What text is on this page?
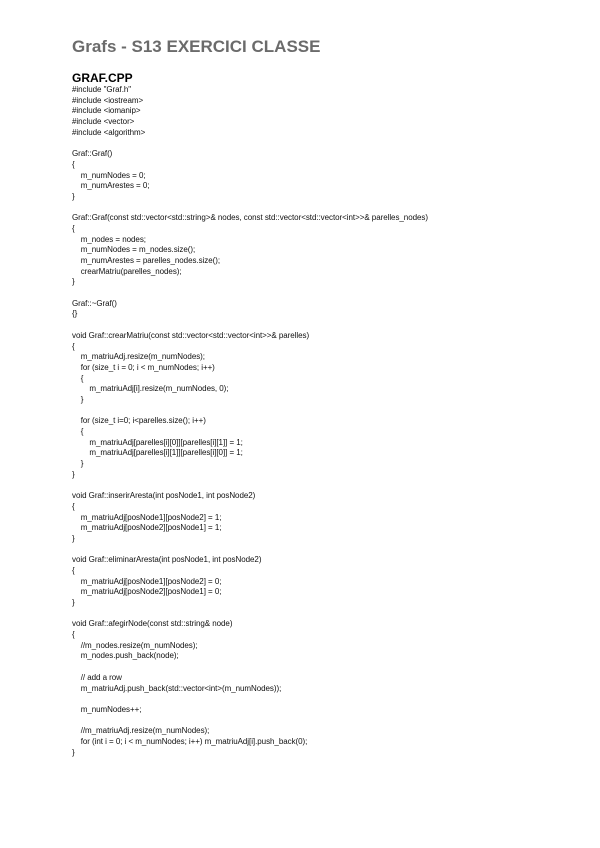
Grafs - S13 EXERCICI CLASSE
GRAF.CPP
#include "Graf.h"
#include <iostream>
#include <iomanip>
#include <vector>
#include <algorithm>
Graf::Graf()
{
m_numNodes = 0;
m_numArestes = 0;
}
Graf::Graf(const std::vector<std::string>& nodes, const std::vector<std::vector<int>>& parelles_nodes)
{
m_nodes = nodes;
m_numNodes = m_nodes.size();
m_numArestes = parelles_nodes.size();
crearMatriu(parelles_nodes);
}
Graf::~Graf()
{}
void Graf::crearMatriu(const std::vector<std::vector<int>>& parelles)
{
m_matriuAdj.resize(m_numNodes);
for (size_t i = 0; i < m_numNodes; i++)
{
m_matriuAdj[i].resize(m_numNodes, 0);
}
for (size_t i=0; i<parelles.size(); i++)
{
m_matriuAdj[parelles[i][0]][parelles[i][1]] = 1;
m_matriuAdj[parelles[i][1]][parelles[i][0]] = 1;
}
}
void Graf::inserirAresta(int posNode1, int posNode2)
{
m_matriuAdj[posNode1][posNode2] = 1;
m_matriuAdj[posNode2][posNode1] = 1;
}
void Graf::eliminarAresta(int posNode1, int posNode2)
{
m_matriuAdj[posNode1][posNode2] = 0;
m_matriuAdj[posNode2][posNode1] = 0;
}
void Graf::afegirNode(const std::string& node)
{
//m_nodes.resize(m_numNodes);
m_nodes.push_back(node);
// add a row
m_matriuAdj.push_back(std::vector<int>(m_numNodes));
m_numNodes++;
//m_matriuAdj.resize(m_numNodes);
for (int i = 0; i < m_numNodes; i++) m_matriuAdj[i].push_back(0);
}
